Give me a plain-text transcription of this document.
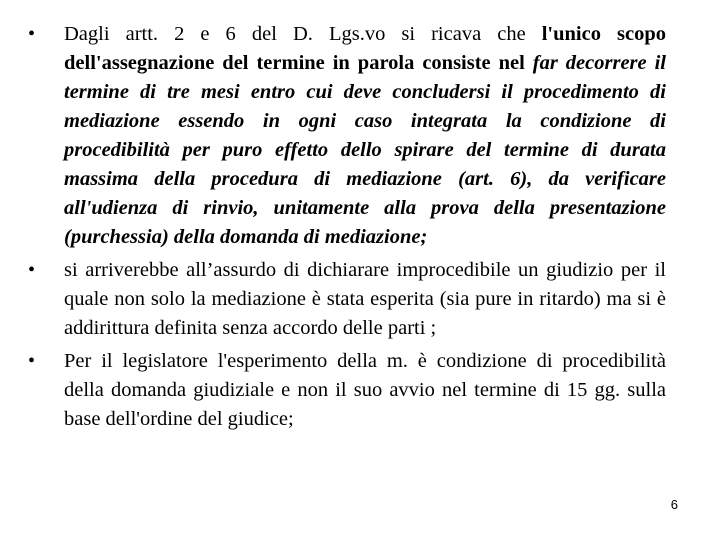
•	Dagli artt. 2 e 6 del D. Lgs.vo si ricava che l'unico scopo dell'assegnazione del termine in parola consiste nel far decorrere il termine di tre mesi entro cui deve concludersi il procedimento di mediazione essendo in ogni caso integrata la condizione di procedibilità per puro effetto dello spirare del termine di durata massima della procedura di mediazione (art. 6), da verificare all'udienza di rinvio, unitamente alla prova della presentazione (purchessia) della domanda di mediazione;
•	si arriverebbe all’assurdo di dichiarare improcedibile un giudizio per il quale non solo la mediazione è stata esperita (sia pure in ritardo) ma si è addirittura definita senza accordo delle parti ;
•	Per il legislatore l'esperimento della m. è condizione di procedibilità della domanda giudiziale e non il suo avvio nel termine di 15 gg. sulla base dell'ordine del giudice;
6
